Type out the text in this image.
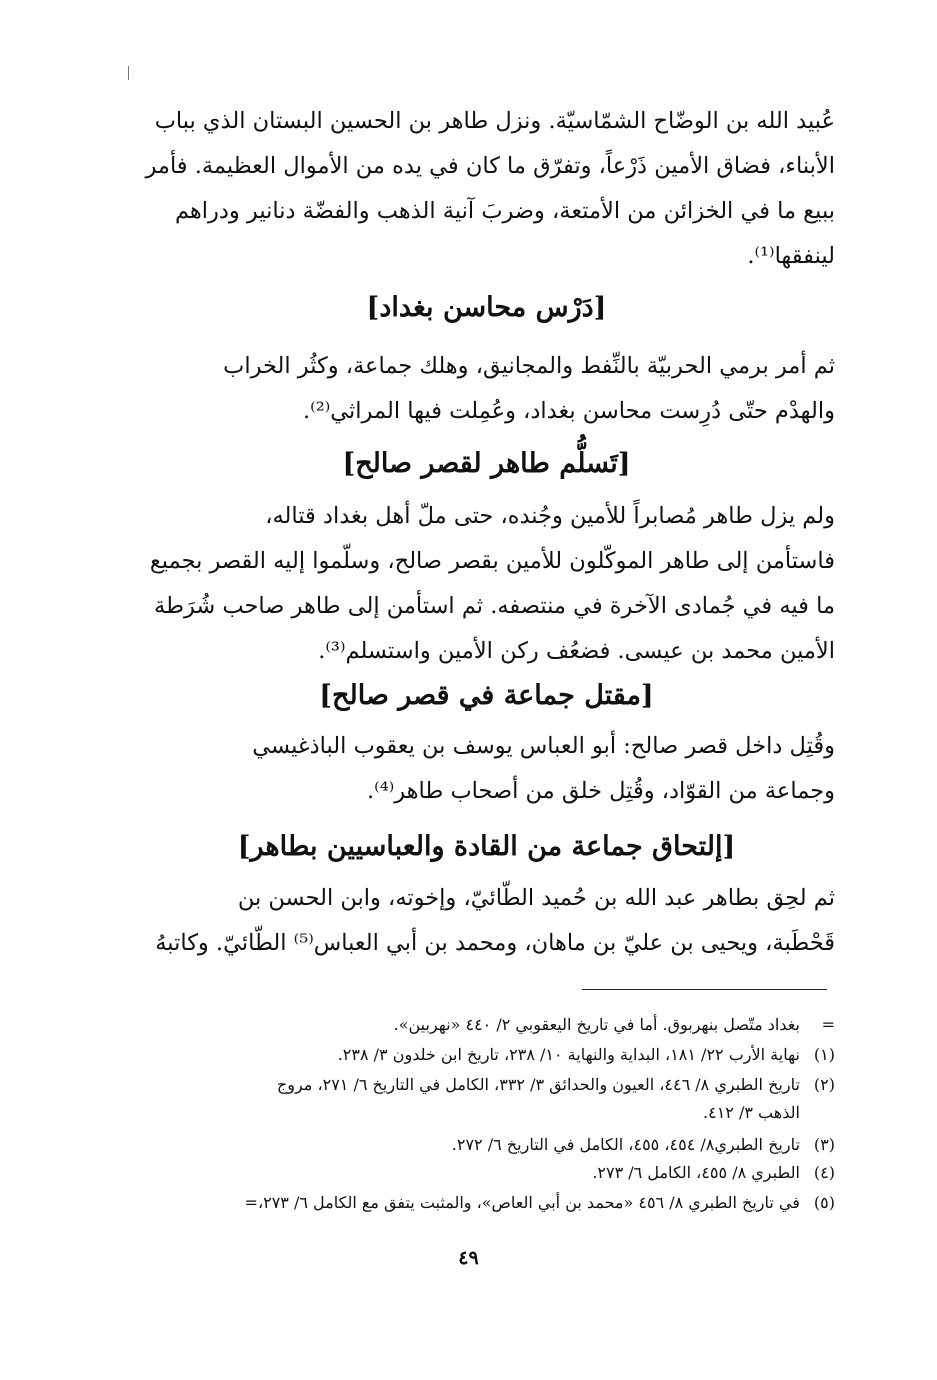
عُبيد الله بن الوضّاح الشمّاسيّة. ونزل طاهر بن الحسين البستان الذي بباب
الأبناء، فضاق الأمين ذَرْعاً، وتفرّق ما كان في يده من الأموال العظيمة. فأمر
ببيع ما في الخزائن من الأمتعة، وضربَ آنية الذهب والفضّة دنانير ودراهم
لينفقها⁽¹⁾.
[دَرْس محاسن بغداد]
ثم أمر برمي الحربيّة بالنِّفط والمجانيق، وهلك جماعة، وكثُر الخراب
والهدْم حتّى دُرِست محاسن بغداد، وعُمِلت فيها المراثي⁽²⁾.
[تَسلُّم طاهر لقصر صالح]
ولم يزل طاهر مُصابراً للأمين وجُنده، حتى ملّ أهل بغداد قتاله،
فاستأمن إلى طاهر الموكّلون للأمين بقصر صالح، وسلّموا إليه القصر بجميع
ما فيه في جُمادى الآخرة في منتصفه. ثم استأمن إلى طاهر صاحب شُرَطة
الأمين محمد بن عيسى. فضعُف ركن الأمين واستسلم⁽³⁾.
[مقتل جماعة في قصر صالح]
وقُتِل داخل قصر صالح: أبو العباس يوسف بن يعقوب الباذغيسي
وجماعة من القوّاد، وقُتِل خلق من أصحاب طاهر⁽⁴⁾.
[إلتحاق جماعة من القادة والعباسيين بطاهر]
ثم لحِق بطاهر عبد الله بن حُميد الطّائيّ، وإخوته، وابن الحسن بن
قَحْطَبة، ويحيى بن عليّ بن ماهان، ومحمد بن أبي العباس⁽⁵⁾ الطّائيّ. وكاتبهُ
= بغداد متّصل بنهربوق. أما في تاريخ اليعقوبي ٢/ ٤٤٠ «نهربين».
(١) نهاية الأرب ٢٢/ ١٨١، البداية والنهاية ١٠/ ٢٣٨، تاريخ ابن خلدون ٣/ ٢٣٨.
(٢) تاريخ الطبري ٨/ ٤٤٦، العيون والحدائق ٣/ ٣٣٢، الكامل في التاريخ ٦/ ٢٧١، مروج
الذهب ٣/ ٤١٢.
(٣) تاريخ الطبري٨/ ٤٥٤، ٤٥٥، الكامل في التاريخ ٦/ ٢٧٢.
(٤) الطبري ٨/ ٤٥٥، الكامل ٦/ ٢٧٣.
(٥) في تاريخ الطبري ٨/ ٤٥٦ «محمد بن أبي العاص»، والمثبت يتفق مع الكامل ٦/ ٢٧٣،=
٤٩
